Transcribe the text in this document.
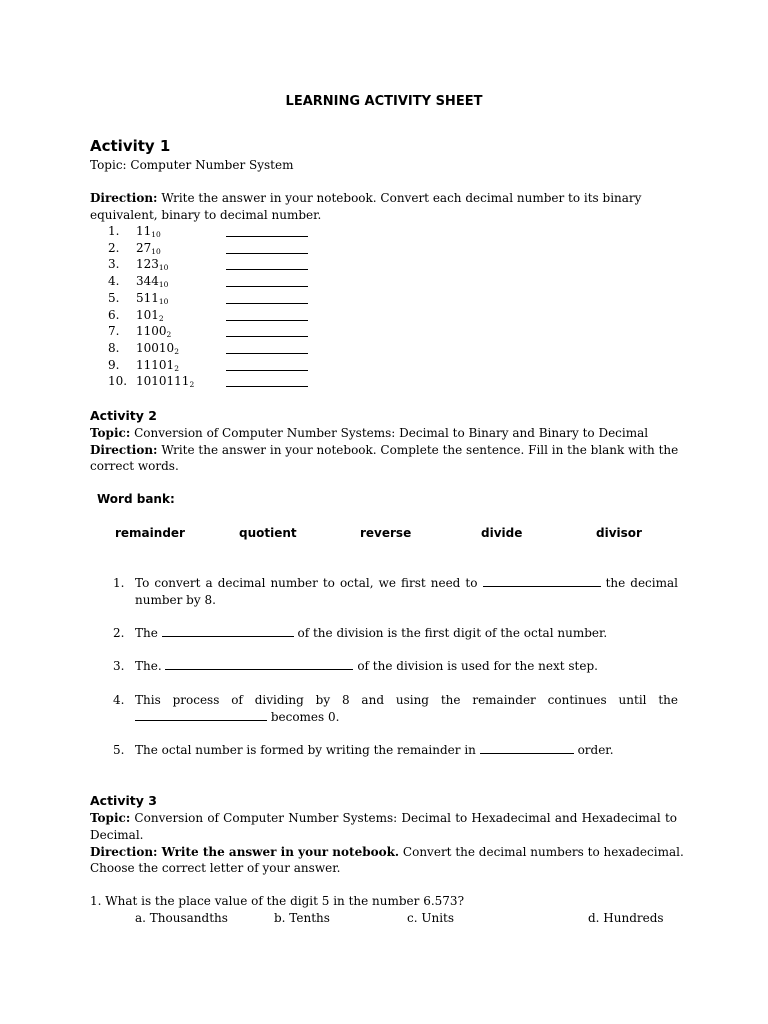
LEARNING ACTIVITY SHEET
Activity 1
Topic: Computer Number System
Direction: Write the answer in your notebook. Convert each decimal number to its binary
equivalent, binary to decimal number.
1. $11_{10}$
$2.27_{10}$
3. $123_{10}$
4. $344_{10}$
5. $511_{10}$
6. $101_2$
7. $1100_2$
8. $10010_2$
9. $11101_2$
10. $1010111_2$
Activity 2
Topic: Conversion of Computer Number Systems: Decimal to Binary and Binary to Decimal
Direction: Write the answer in your notebook. Complete the sentence. Fill in the blank with the
correct words.
Word bank:
remainder	quotient	reverse	divide	divisor
1. To convert a decimal number to octal, we first need to	the decimal
number by 8.
2. The	of the division is the first digit of the octal number.
3. The.	of the division is used for the next step.
4. This process of dividing by 8 and using the remainder continues until the
becomes 0.
5. The octal number is formed by writing the remainder in	order.
Activity 3
Topic: Conversion of Computer Number Systems: Decimal to Hexadecimal and Hexadecimal to
Decimal.
Direction: Write the answer in your notebook. Convert the decimal numbers to hexadecimal.
Choose the correct letter of your answer.
1. What is the place value of the digit 5 in the number 6.573?
a. Thousandths	b. Tenths	c. Units	d. Hundreds
